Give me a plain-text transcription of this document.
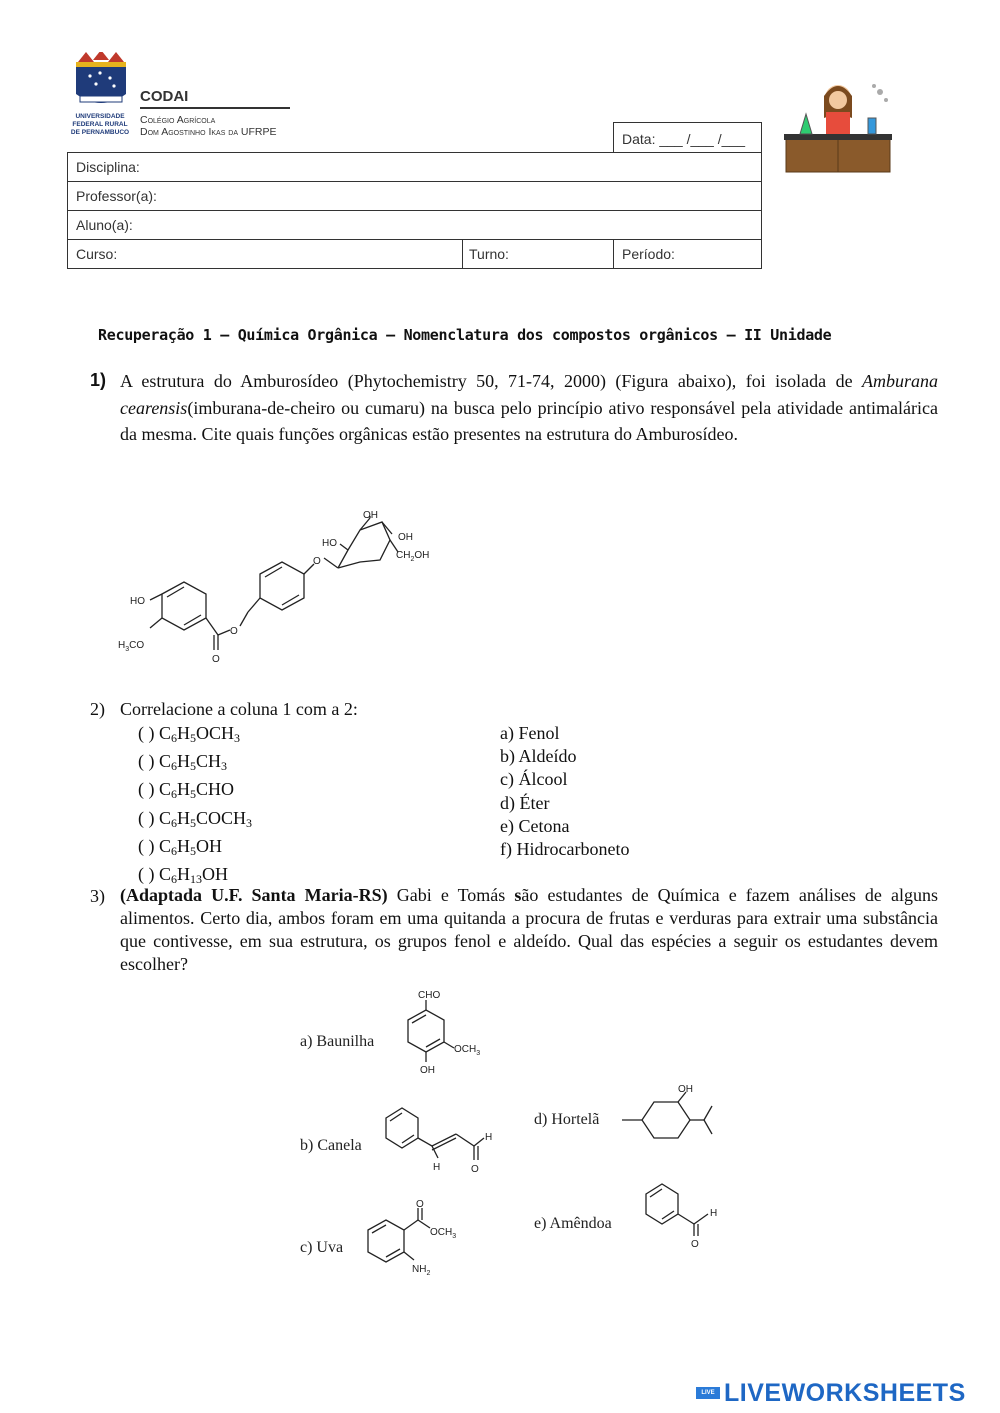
UNIVERSIDADE
FEDERAL RURAL
DE PERNAMBUCO
CODAI
Colégio Agrícola
Dom Agostinho Ikas da UFRPE	Data: ___ /___ /___
Disciplina:
Professor(a):
Aluno(a):
Curso:	Turno:	Período:
Recuperação 1 – Química Orgânica – Nomenclatura dos compostos orgânicos – II Unidade
1) A estrutura do Amburosídeo (Phytochemistry 50, 71-74, 2000) (Figura abaixo), foi isolada de Amburana cearensis(imburana-de-cheiro ou cumaru) na busca pelo princípio ativo responsável pela atividade antimalárica da mesma. Cite quais funções orgânicas estão presentes na estrutura do Amburosídeo.
OH
HO
OH
$CH_2OH$
O
HO
$H_3CO$
O
O
2) Correlacione a coluna 1 com a 2:
( ) $C_6H_5OCH_3$
( ) $C_6H_5CH_3$
( ) $C_6H_5CHO$
( ) $C_6H_5COCH_3$
( ) $C_6H_5OH$
( ) $C_6H_{13}OH$
a) Fenol
b) Aldeído
c) Álcool
d) Éter
e) Cetona
f) Hidrocarboneto
3) (Adaptada U.F. Santa Maria-RS) Gabi e Tomás são estudantes de Química e fazem análises de alguns alimentos. Certo dia, ambos foram em uma quitanda a procura de frutas e verduras para extrair uma substância que contivesse, em sua estrutura, os grupos fenol e aldeído. Qual das espécies a seguir os estudantes devem escolher?
a) Baunilha
CHO
$OCH_3$
OH
b) Canela
H
H
O
c) Uva
O
$OCH_3$
$NH_2$
d) Hortelã
OH
e) Amêndoa
H
O
LIVE LIVEWORKSHEETS
